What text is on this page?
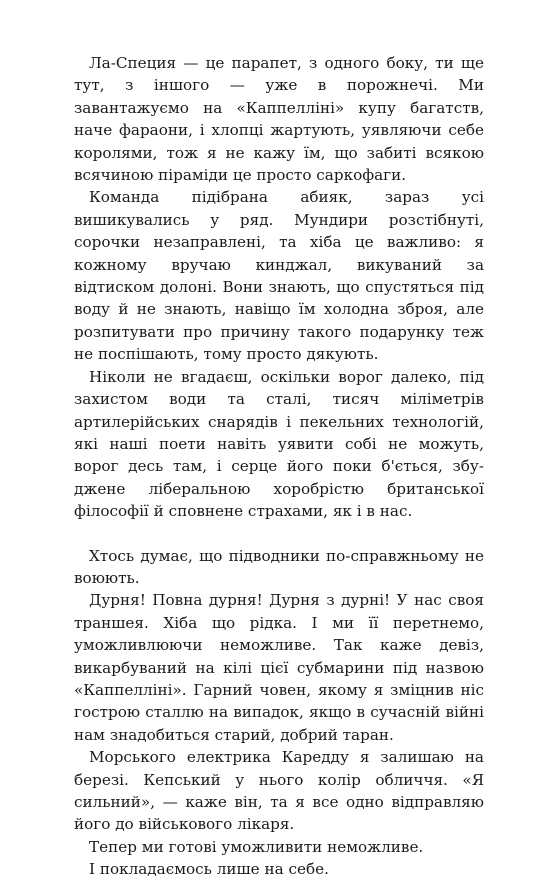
Ла-Специя — це парапет, з одного боку, ти ще тут, з іншого — уже в порожнечі. Ми завантажуємо на «Каппелліні» купу багатств, наче фараони, і хлопці жартують, уявляючи себе королями, тож я не кажу їм, що забиті всякою всячиною піраміди це просто саркофаги.

Команда підібрана абияк, зараз усі вишикувались у ряд. Мундири розстібнуті, сорочки незаправлені, та хіба це важливо: я кожному вручаю кинджал, викуваний за відтиском долоні. Вони знають, що спустяться під воду й не знають, навіщо їм холодна зброя, але розпитувати про причину такого подарунку теж не поспішають, тому просто дякують.

Ніколи не вгадаєш, оскільки ворог далеко, під захистом води та сталі, тисяч міліметрів артилерійських снарядів і пекельних технологій, які наші поети навіть уявити собі не можуть, ворог десь там, і серце його поки б'ється, збуджене ліберальною хоробрістю британської філософії й сповнене страхами, як і в нас.

Хтось думає, що підводники по-справжньому не воюють.

Дурня! Повна дурня! Дурня з дурні! У нас своя траншея. Хіба що рідка. І ми її перетнемо, уможливлюючи неможливе. Так каже девіз, викарбуваний на кілі цієї субмарини під назвою «Каппелліні». Гарний човен, якому я зміцнив ніс гострою сталлю на випадок, якщо в сучасній війні нам знадобиться старий, добрий таран.

Морського електрика Каредду я залишаю на березі. Кепський у нього колір обличчя. «Я сильний», — каже він, та я все одно відправляю його до військового лікаря.

Тепер ми готові уможливити неможливе.

І покладаємось лише на себе.
